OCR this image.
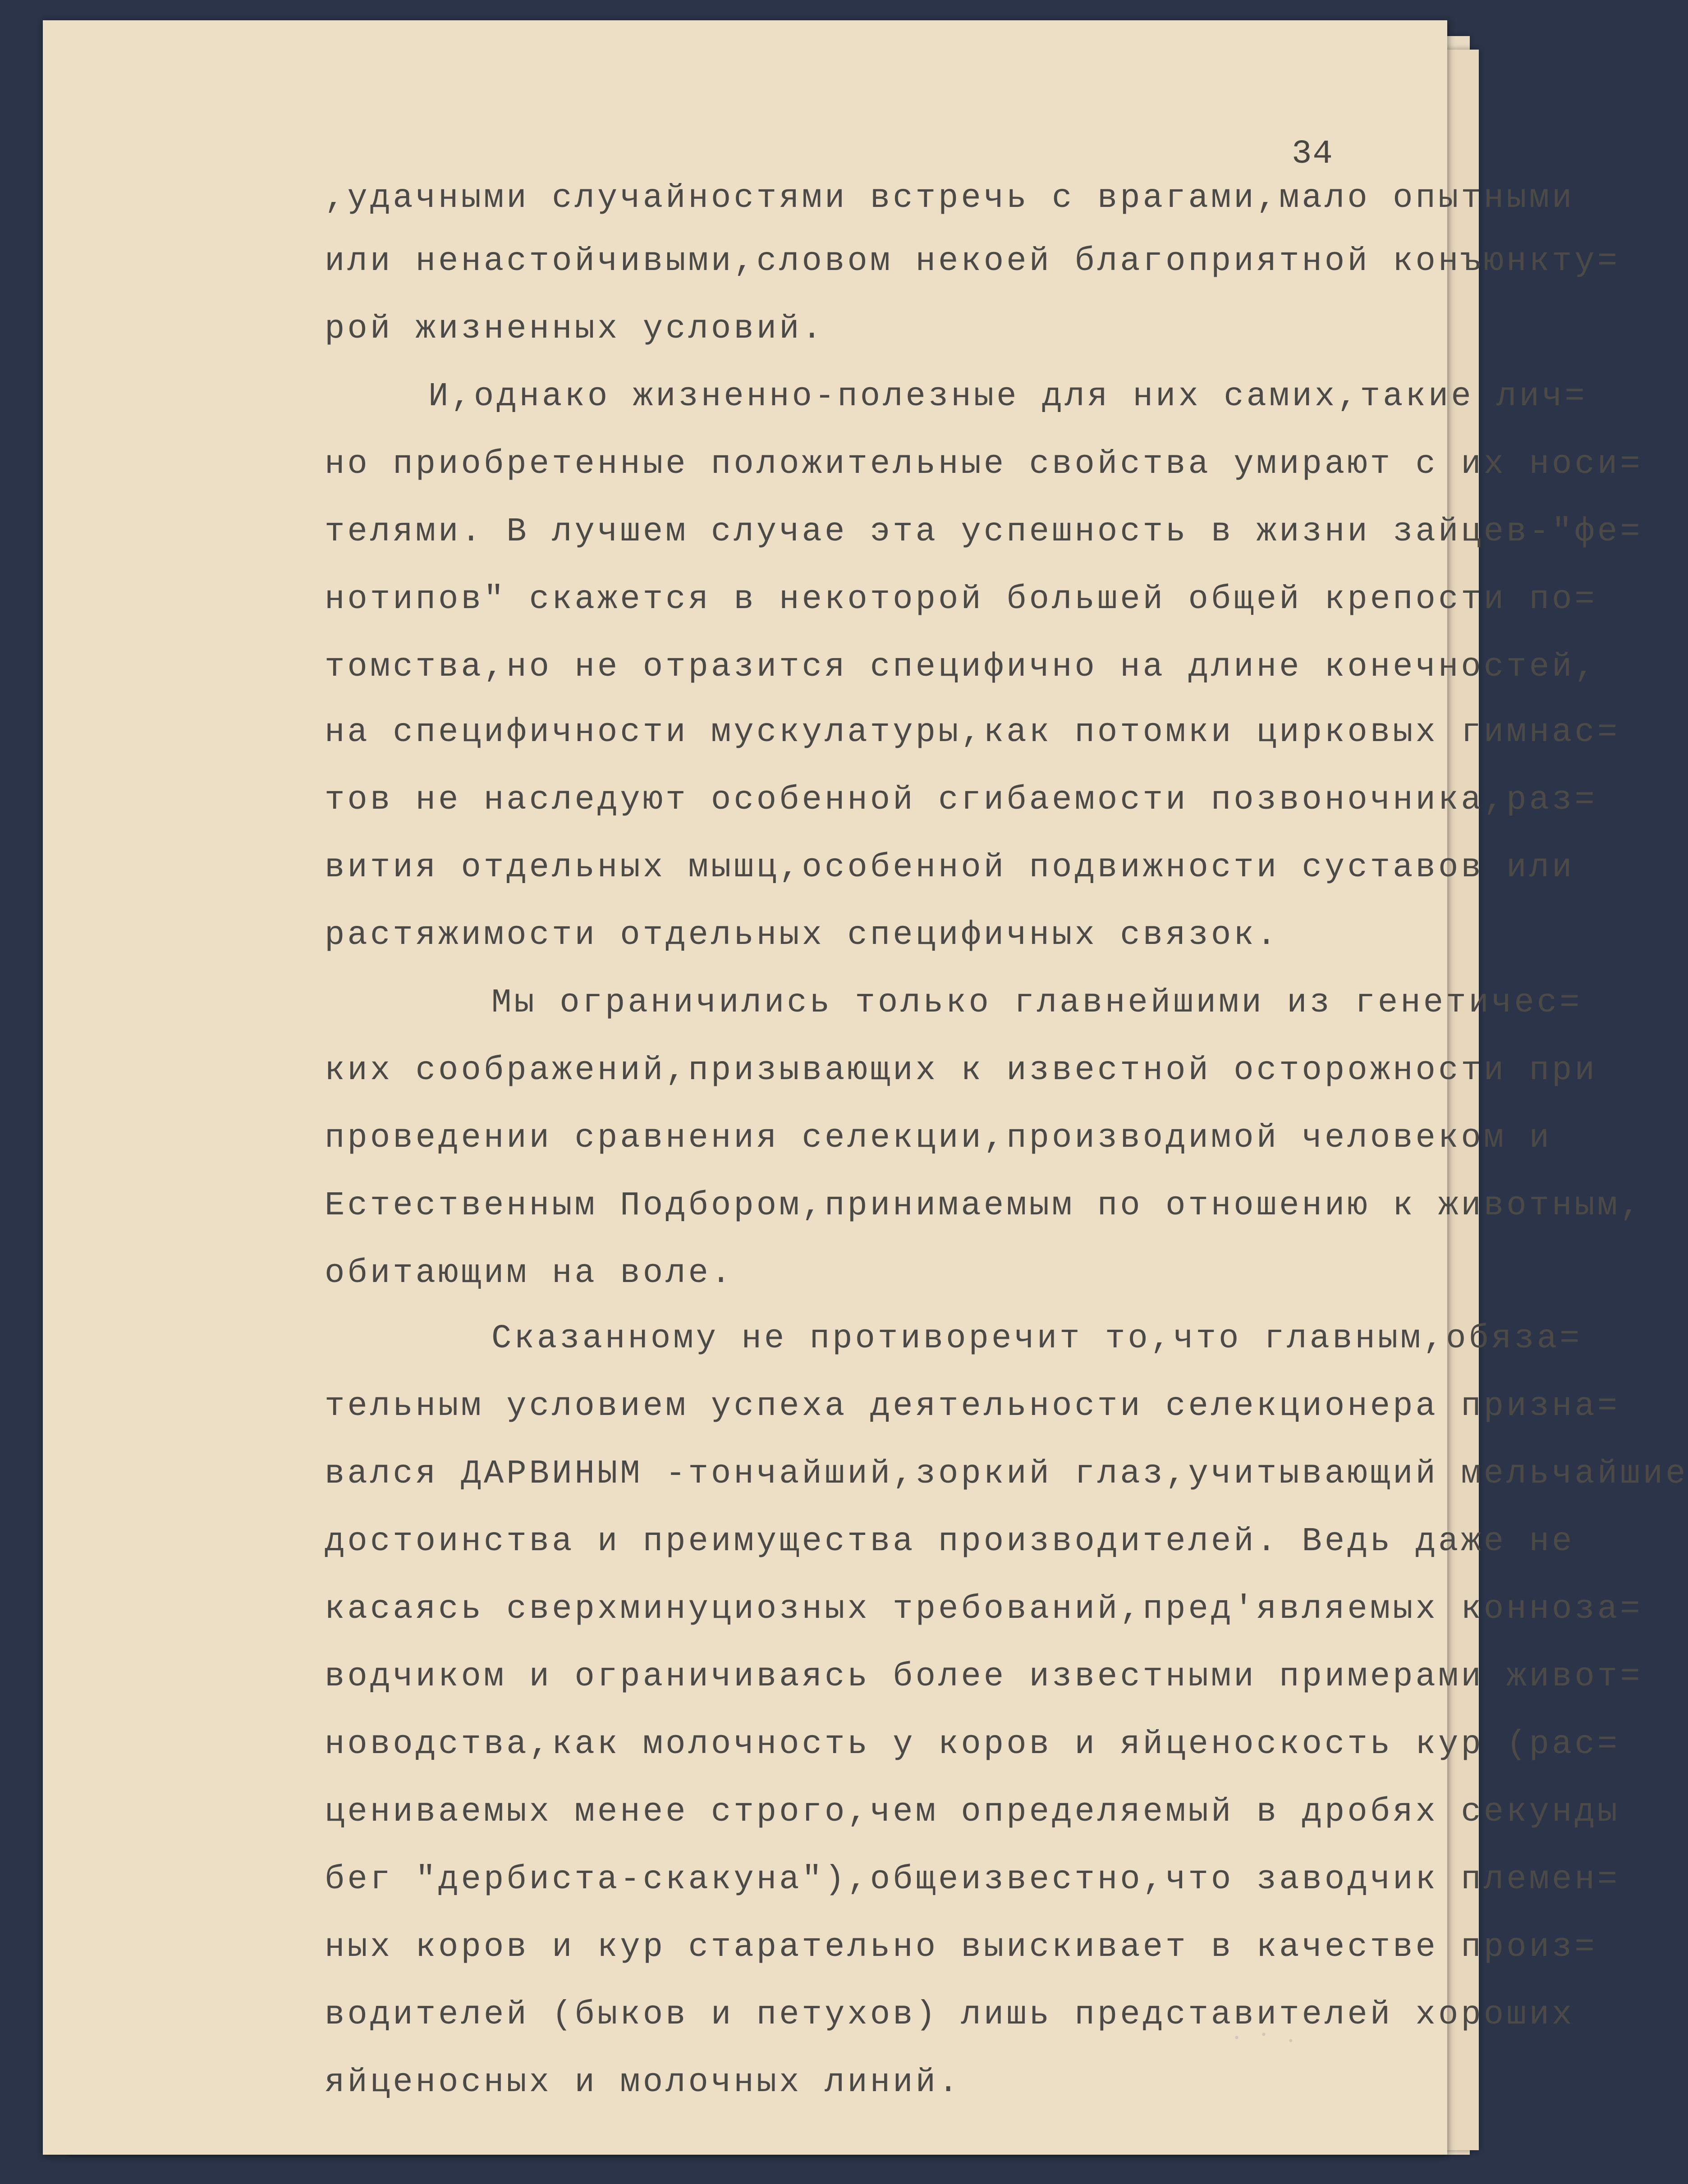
34
,удачными случайностями встречь с врагами,мало опытными
или ненастойчивыми,словом некоей благоприятной конъюнкту=
рой жизненных условий.
И,однако жизненно-полезные для них самих,такие лич=
но приобретенные положительные свойства умирают с их носи=
телями. В лучшем случае эта успешность в жизни зайцев-"фе=
нотипов" скажется в некоторой большей общей крепости по=
томства,но не отразится специфично на длине конечностей,
на специфичности мускулатуры,как потомки цирковых гимнас=
тов не наследуют особенной сгибаемости позвоночника,раз=
вития отдельных мышц,особенной подвижности суставов или
растяжимости отдельных специфичных связок.
Мы ограничились только главнейшими из генетичес=
ких соображений,призывающих к известной осторожности при
проведении сравнения селекции,производимой человеком и
Естественным Подбором,принимаемым по отношению к животным,
обитающим на воле.
Сказанному не противоречит то,что главным,обяза=
тельным условием успеха деятельности селекционера призна=
вался ДАРВИНЫМ -тончайший,зоркий глаз,учитывающий мельчайшие
достоинства и преимущества производителей. Ведь даже не
касаясь сверхминуциозных требований,пред'являемых конноза=
водчиком и ограничиваясь более известными примерами живот=
новодства,как молочность у коров и яйценоскость кур (рас=
цениваемых менее строго,чем определяемый в дробях секунды
бег "дербиста-скакуна"),общеизвестно,что заводчик племен=
ных коров и кур старательно выискивает в качестве произ=
водителей (быков и петухов) лишь представителей хороших
яйценосных и молочных линий.
